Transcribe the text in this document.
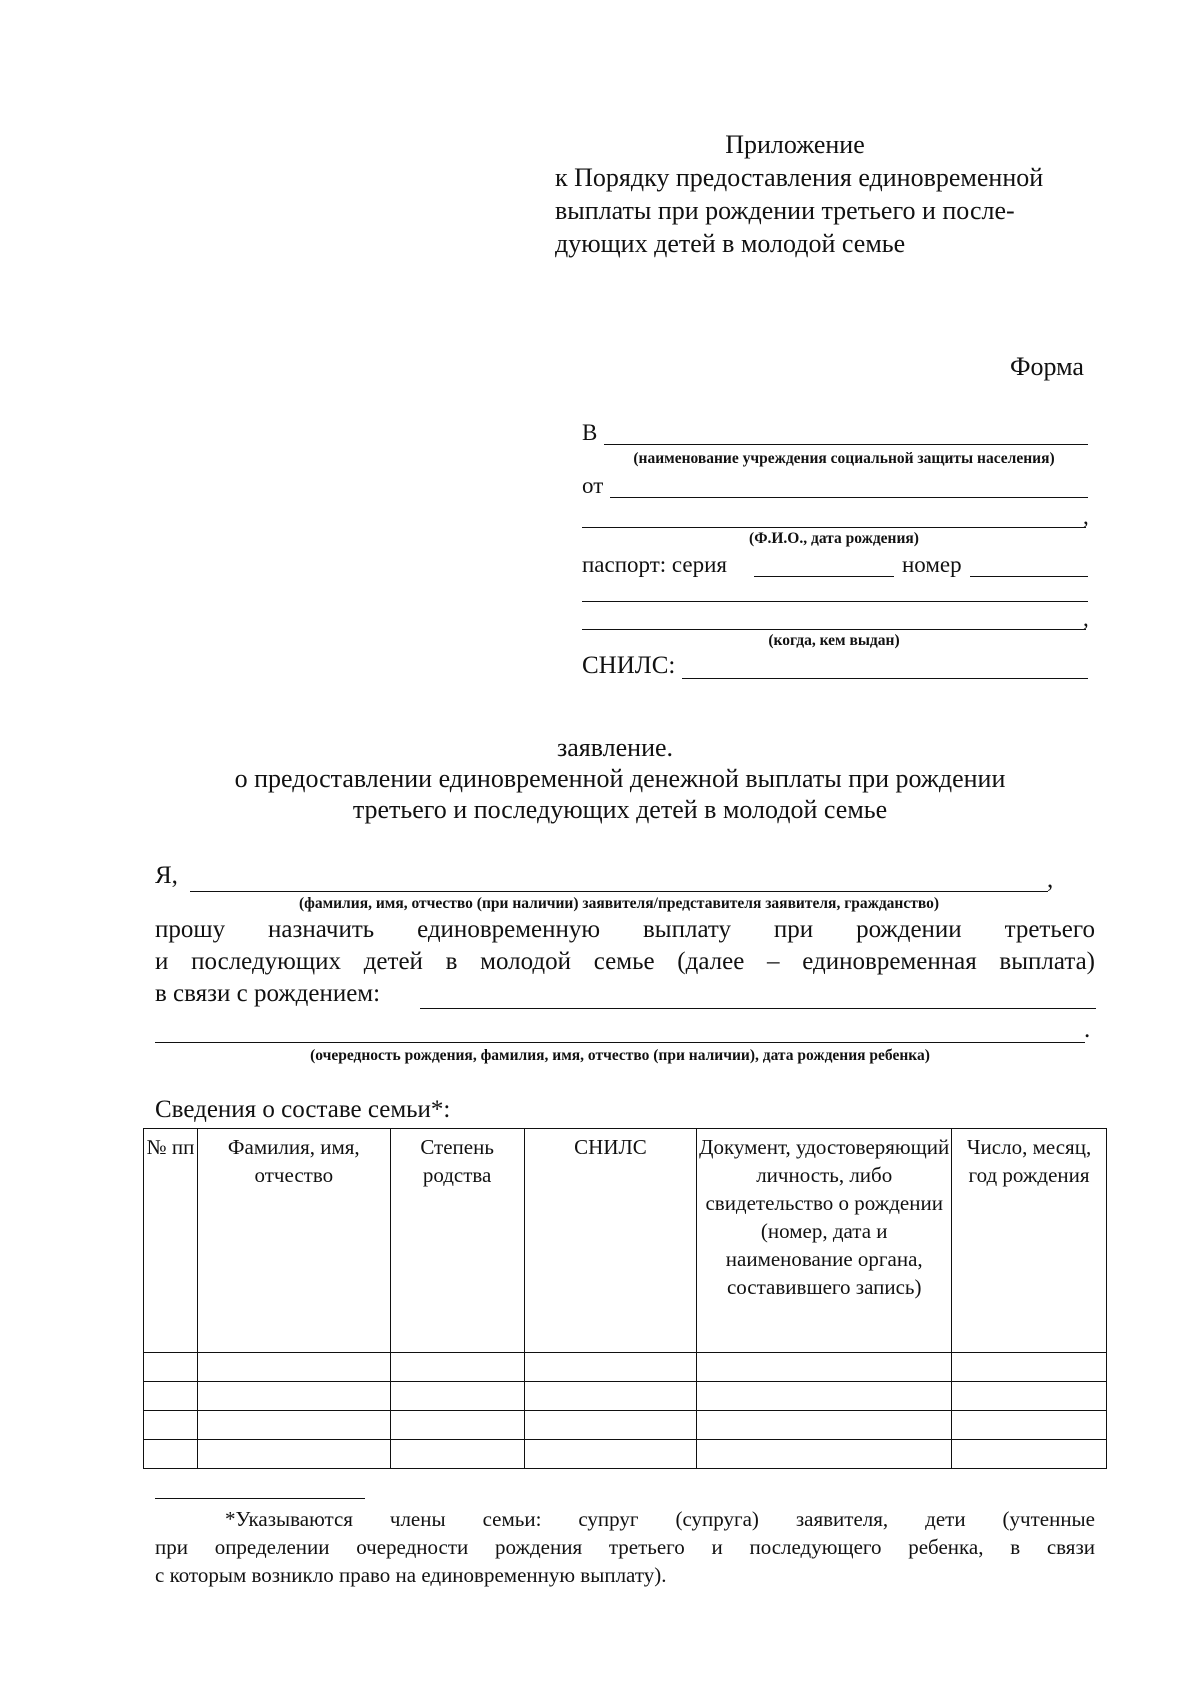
Приложение
к Порядку предоставления единовременной
выплаты при рождении третьего и после-
дующих детей в молодой семье
Форма
В
(наименование учреждения социальной защиты населения)
от
,
(Ф.И.О., дата рождения)
паспорт: серия	номер
,
(когда, кем выдан)
СНИЛС:
заявление.
о предоставлении единовременной денежной выплаты при рождении
третьего и последующих детей в молодой семье
Я,	,
(фамилия, имя, отчество (при наличии) заявителя/представителя заявителя, гражданство)
прошу назначить единовременную выплату при рождении третьего
и последующих детей в молодой семье (далее – единовременная выплата)
в связи с рождением:
.
(очередность рождения, фамилия, имя, отчество (при наличии), дата рождения ребенка)
Сведения о составе семьи*:
№ пп	Фамилия, имя, отчество	Степень родства	СНИЛС	Документ, удостоверяющий личность, либо свидетельство о рождении (номер, дата и наименование органа, составившего запись)	Число, месяц, год рождения

*Указываются члены семьи: супруг (супруга) заявителя, дети (учтенные
при определении очередности рождения третьего и последующего ребенка, в связи
с которым возникло право на единовременную выплату).
